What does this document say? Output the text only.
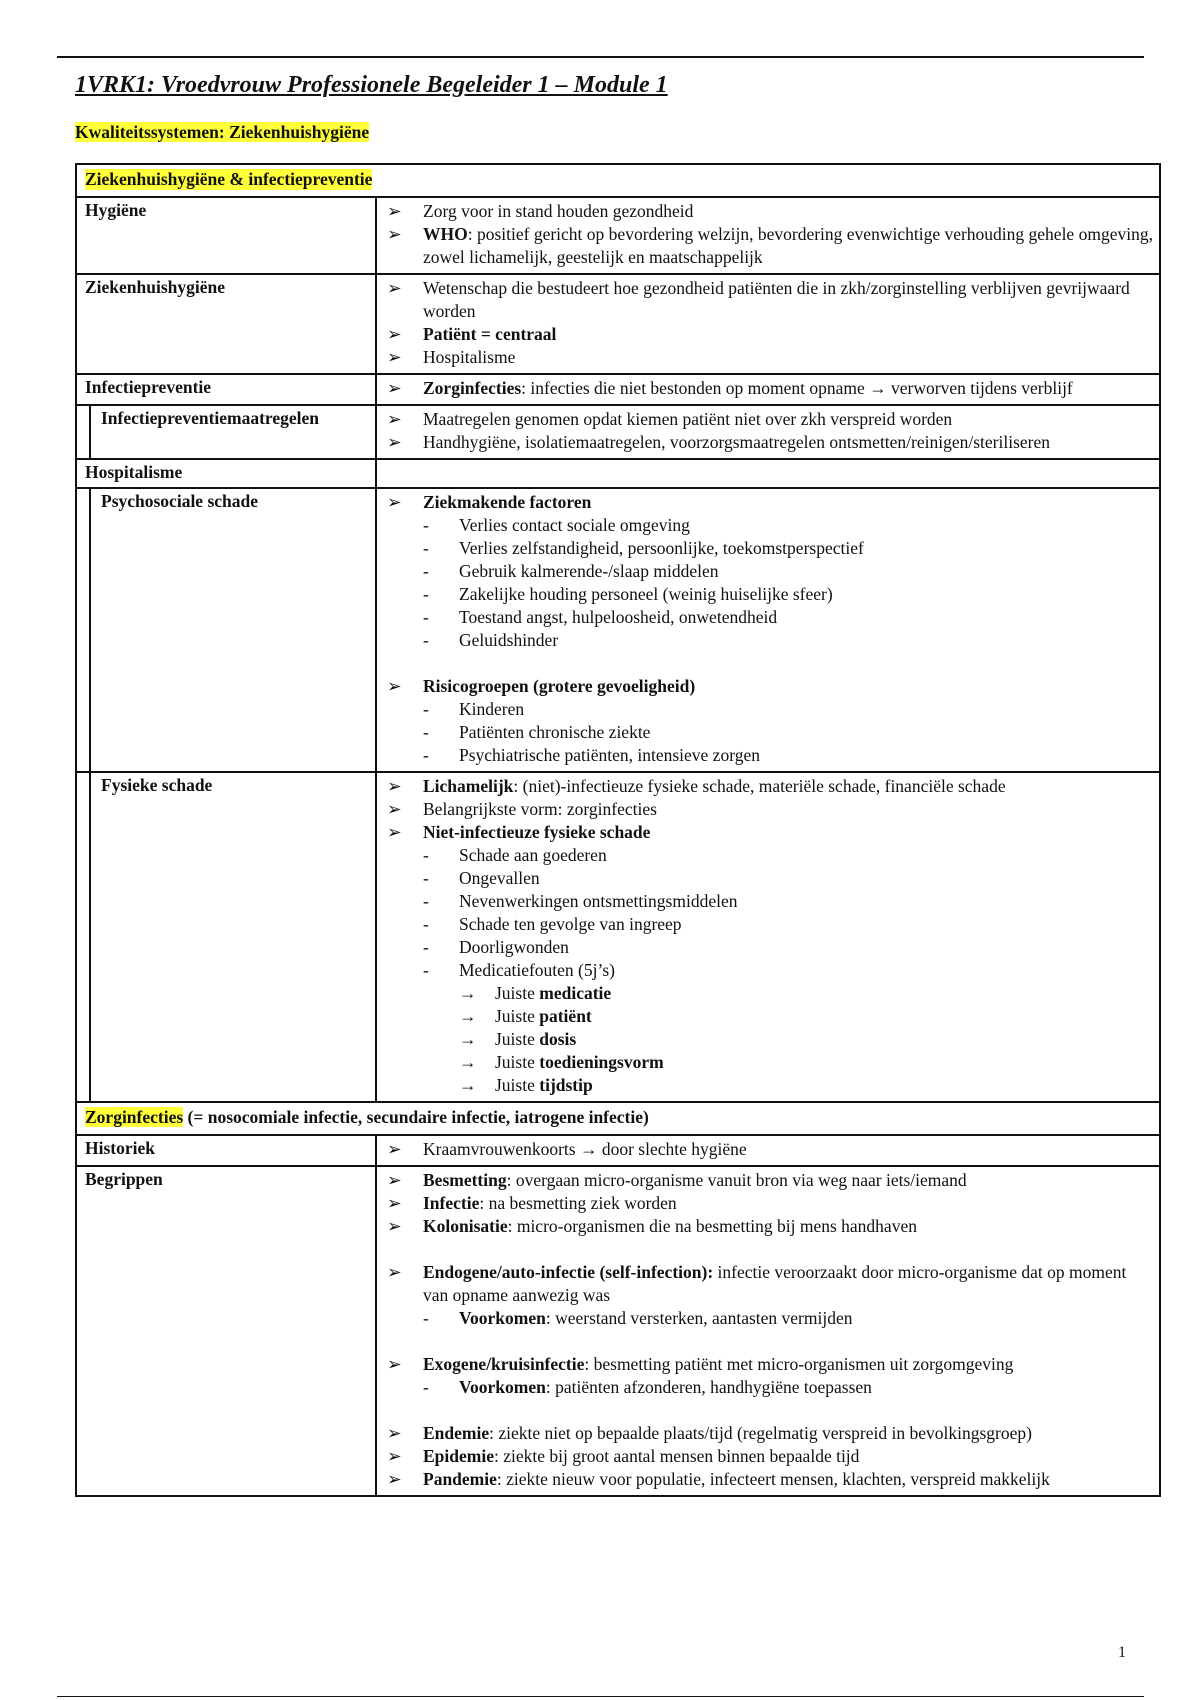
1VRK1: Vroedvrouw Professionele Begeleider 1 – Module 1
Kwaliteitssystemen: Ziekenhuishygiëne
Ziekenhuishygiëne & infectiepreventie
Hygiëne	➢	Zorg voor in stand houden gezondheid
➢	WHO: positief gericht op bevordering welzijn, bevordering evenwichtige verhouding gehele omgeving, zowel lichamelijk, geestelijk en maatschappelijk
Ziekenhuishygiëne	➢	Wetenschap die bestudeert hoe gezondheid patiënten die in zkh/zorginstelling verblijven gevrijwaard worden
➢	Patiënt = centraal
➢	Hospitalisme
Infectiepreventie	➢	Zorginfecties: infecties die niet bestonden op moment opname → verworven tijdens verblijf
Infectiepreventiemaatregelen	➢	Maatregelen genomen opdat kiemen patiënt niet over zkh verspreid worden
➢	Handhygiëne, isolatiemaatregelen, voorzorgsmaatregelen ontsmetten/reinigen/steriliseren
Hospitalisme
Psychosociale schade	➢	Ziekmakende factoren
-	Verlies contact sociale omgeving
-	Verlies zelfstandigheid, persoonlijke, toekomstperspectief
-	Gebruik kalmerende-/slaap middelen
-	Zakelijke houding personeel (weinig huiselijke sfeer)
-	Toestand angst, hulpeloosheid, onwetendheid
-	Geluidshinder
➢	Risicogroepen (grotere gevoeligheid)
-	Kinderen
-	Patiënten chronische ziekte
-	Psychiatrische patiënten, intensieve zorgen
Fysieke schade	➢	Lichamelijk: (niet)-infectieuze fysieke schade, materiële schade, financiële schade
➢	Belangrijkste vorm: zorginfecties
➢	Niet-infectieuze fysieke schade
-	Schade aan goederen
-	Ongevallen
-	Nevenwerkingen ontsmettingsmiddelen
-	Schade ten gevolge van ingreep
-	Doorligwonden
-	Medicatiefouten (5j’s)
→	Juiste medicatie
→	Juiste patiënt
→	Juiste dosis
→	Juiste toedieningsvorm
→	Juiste tijdstip
Zorginfecties (= nosocomiale infectie, secundaire infectie, iatrogene infectie)
Historiek	➢	Kraamvrouwenkoorts → door slechte hygiëne
Begrippen	➢	Besmetting: overgaan micro-organisme vanuit bron via weg naar iets/iemand
➢	Infectie: na besmetting ziek worden
➢	Kolonisatie: micro-organismen die na besmetting bij mens handhaven
➢	Endogene/auto-infectie (self-infection): infectie veroorzaakt door micro-organisme dat op moment van opname aanwezig was
-	Voorkomen: weerstand versterken, aantasten vermijden
➢	Exogene/kruisinfectie: besmetting patiënt met micro-organismen uit zorgomgeving
-	Voorkomen: patiënten afzonderen, handhygiëne toepassen
➢	Endemie: ziekte niet op bepaalde plaats/tijd (regelmatig verspreid in bevolkingsgroep)
➢	Epidemie: ziekte bij groot aantal mensen binnen bepaalde tijd
➢	Pandemie: ziekte nieuw voor populatie, infecteert mensen, klachten, verspreid makkelijk
1
